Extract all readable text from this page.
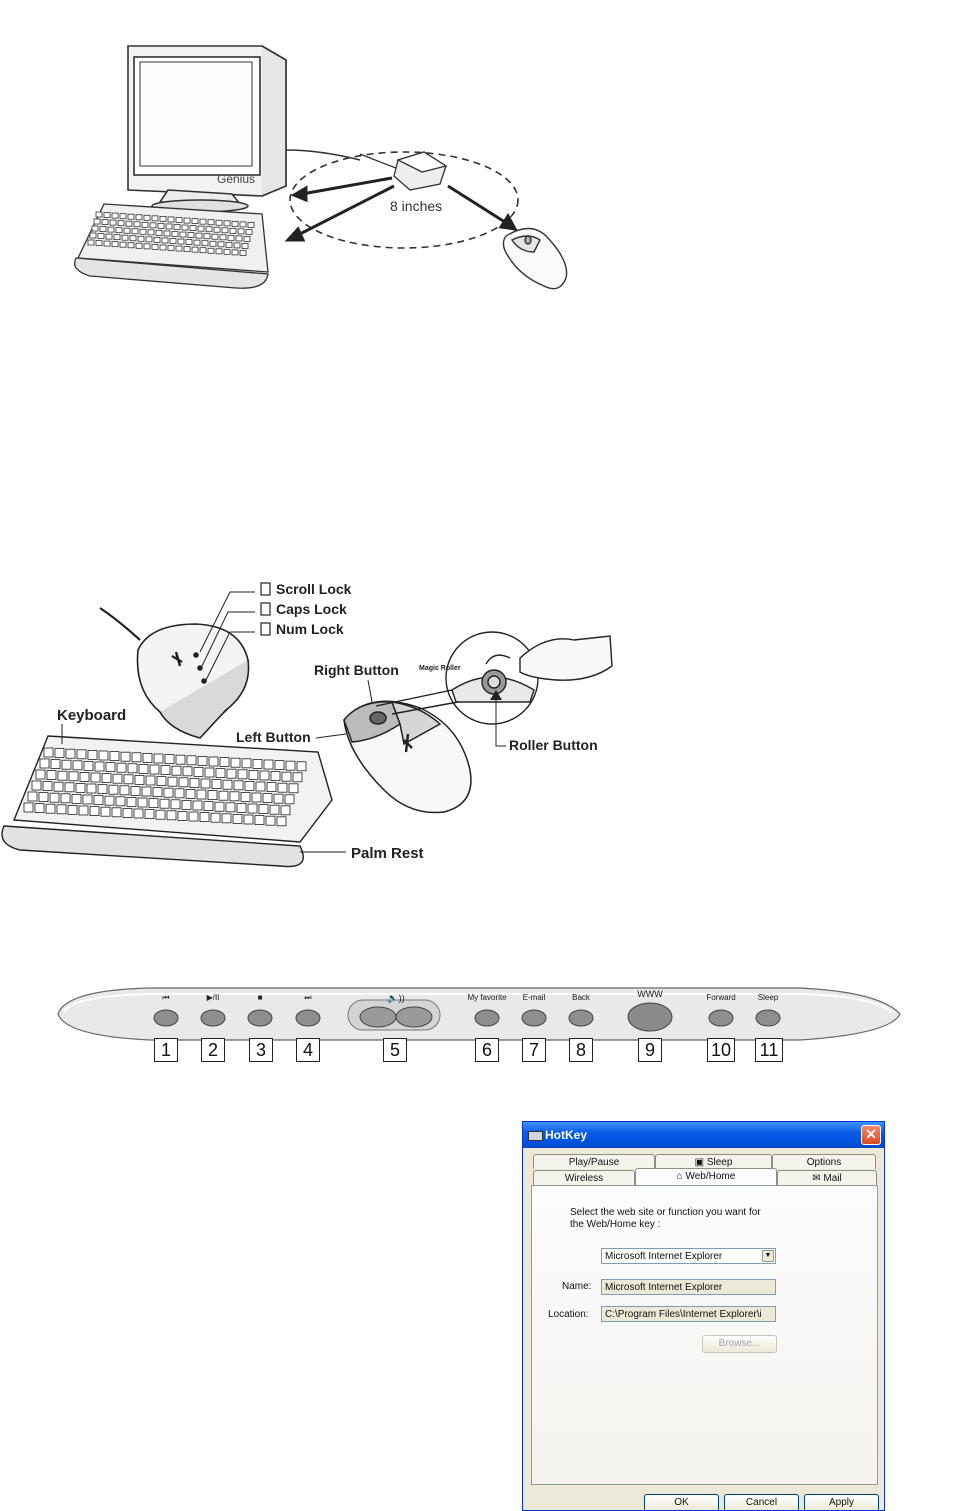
Genius
8 inches
Scroll Lock
Caps Lock
Num Lock
Keyboard
Right Button
Left Button
Magic Roller
Roller Button
Palm Rest
⏮	▶/II	■	⏭	🔈))	My favorite E-mail	Back	WWW	Forward	Sleep
1	2	3	4	5	6	7	8	9	10 11
HotKey	✕
Play/Pause	▣ Sleep	Options
Wireless	⌂ Web/Home	✉ Mail
Select the web site or function you want for
the Web/Home key :
Microsoft Internet Explorer	▼
Name:	Microsoft Internet Explorer
Location:	C:\Program Files\Internet Explorer\i
Browse...
OK	Cancel	Apply
